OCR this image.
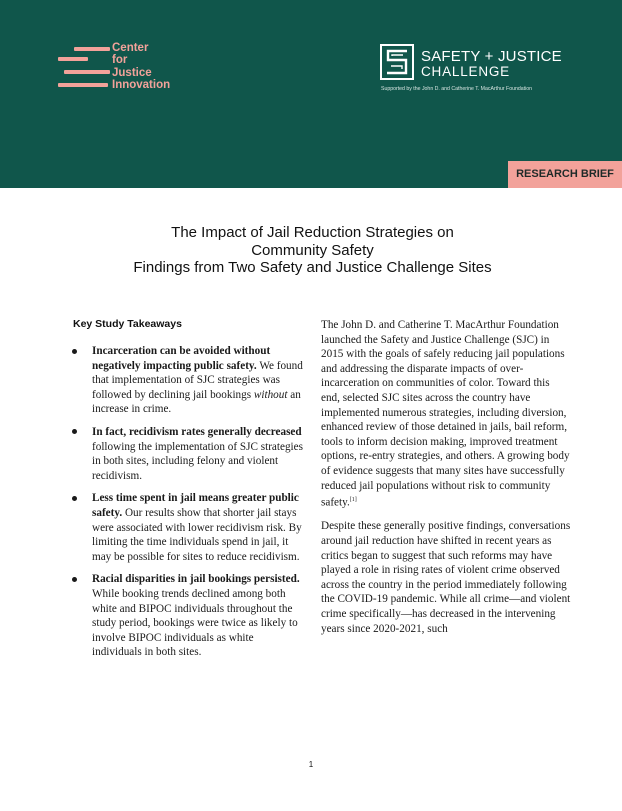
Center
for
Justice
Innovation
SAFETY + JUSTICE
CHALLENGE
Supported by the John D. and Catherine T. MacArthur Foundation
RESEARCH BRIEF
The Impact of Jail Reduction Strategies on
Community Safety
Findings from Two Safety and Justice Challenge Sites
Key Study Takeaways
Incarceration can be avoided without negatively impacting public safety. We found that implementation of SJC strategies was followed by declining jail bookings without an increase in crime.
In fact, recidivism rates generally decreased following the implementation of SJC strategies in both sites, including felony and violent recidivism.
Less time spent in jail means greater public safety. Our results show that shorter jail stays were associated with lower recidivism risk. By limiting the time individuals spend in jail, it may be possible for sites to reduce recidivism.
Racial disparities in jail bookings persisted. While booking trends declined among both white and BIPOC individuals throughout the study period, bookings were twice as likely to involve BIPOC individuals as white individuals in both sites.

The John D. and Catherine T. MacArthur Foundation launched the Safety and Justice Challenge (SJC) in 2015 with the goals of safely reducing jail populations and addressing the disparate impacts of over-incarceration on communities of color. Toward this end, selected SJC sites across the country have implemented numerous strategies, including diversion, enhanced review of those detained in jails, bail reform, tools to inform decision making, improved treatment options, re-entry strategies, and others. A growing body of evidence suggests that many sites have successfully reduced jail populations without risk to community safety.[1]

Despite these generally positive findings, conversations around jail reduction have shifted in recent years as critics began to suggest that such reforms may have played a role in rising rates of violent crime observed across the country in the period immediately following the COVID-19 pandemic. While all crime—and violent crime specifically—has decreased in the intervening years since 2020-2021, such

1
